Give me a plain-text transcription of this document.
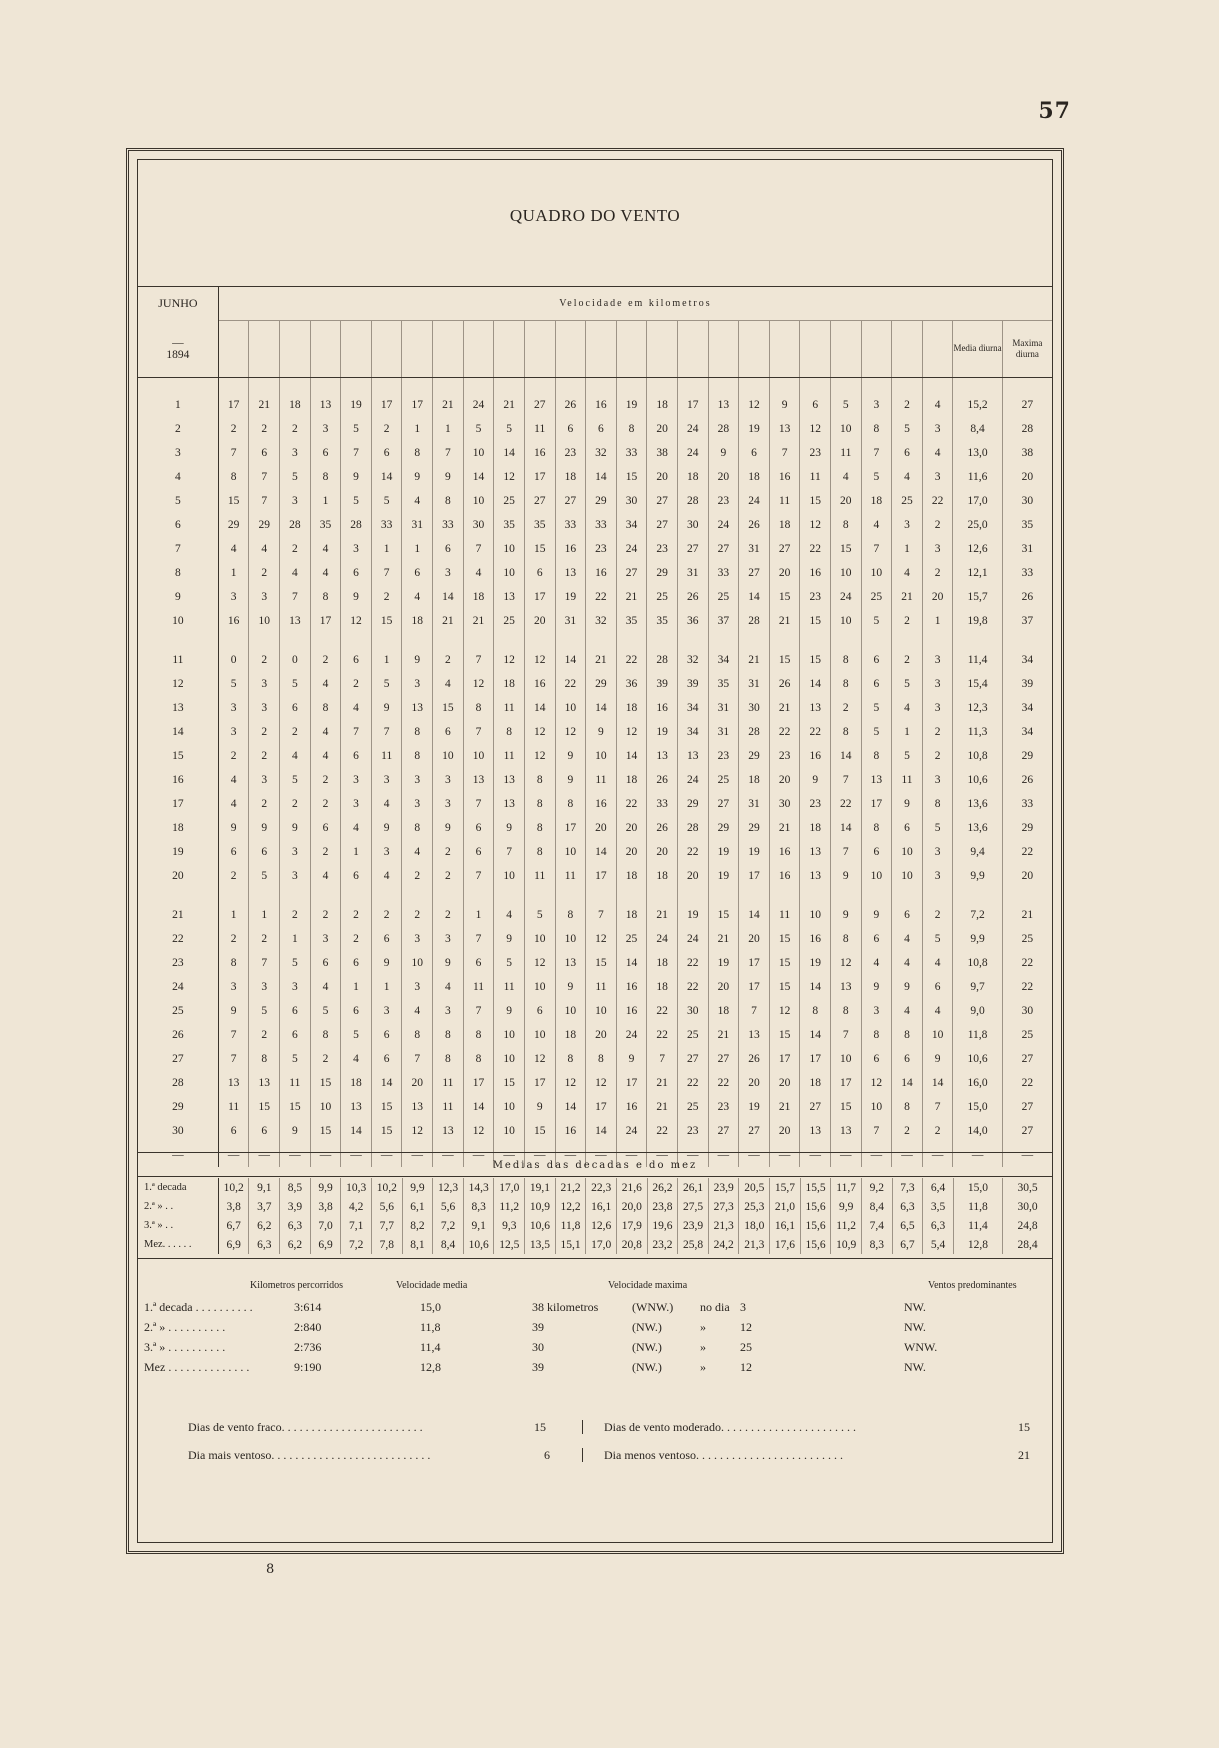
57
QUADRO DO VENTO
JUNHO	Velocidade em kilometros																									

—
1894																									Media diurna	Maxima diurna

1	17	21	18	13	19	17	17	21	24	21	27	26	16	19	18	17	13	12	9	6	5	3	2	4	15,2	27
2	2	2	2	3	5	2	1	1	5	5	11	6	6	8	20	24	28	19	13	12	10	8	5	3	8,4	28
3	7	6	3	6	7	6	8	7	10	14	16	23	32	33	38	24	9	6	7	23	11	7	6	4	13,0	38
4	8	7	5	8	9	14	9	9	14	12	17	18	14	15	20	18	20	18	16	11	4	5	4	3	11,6	20
5	15	7	3	1	5	5	4	8	10	25	27	27	29	30	27	28	23	24	11	15	20	18	25	22	17,0	30
6	29	29	28	35	28	33	31	33	30	35	35	33	33	34	27	30	24	26	18	12	8	4	3	2	25,0	35
7	4	4	2	4	3	1	1	6	7	10	15	16	23	24	23	27	27	31	27	22	15	7	1	3	12,6	31
8	1	2	4	4	6	7	6	3	4	10	6	13	16	27	29	31	33	27	20	16	10	10	4	2	12,1	33
9	3	3	7	8	9	2	4	14	18	13	17	19	22	21	25	26	25	14	15	23	24	25	21	20	15,7	26
10	16	10	13	17	12	15	18	21	21	25	20	31	32	35	35	36	37	28	21	15	10	5	2	1	19,8	37

11	0	2	0	2	6	1	9	2	7	12	12	14	21	22	28	32	34	21	15	15	8	6	2	3	11,4	34
12	5	3	5	4	2	5	3	4	12	18	16	22	29	36	39	39	35	31	26	14	8	6	5	3	15,4	39
13	3	3	6	8	4	9	13	15	8	11	14	10	14	18	16	34	31	30	21	13	2	5	4	3	12,3	34
14	3	2	2	4	7	7	8	6	7	8	12	12	9	12	19	34	31	28	22	22	8	5	1	2	11,3	34
15	2	2	4	4	6	11	8	10	10	11	12	9	10	14	13	13	23	29	23	16	14	8	5	2	10,8	29
16	4	3	5	2	3	3	3	3	13	13	8	9	11	18	26	24	25	18	20	9	7	13	11	3	10,6	26
17	4	2	2	2	3	4	3	3	7	13	8	8	16	22	33	29	27	31	30	23	22	17	9	8	13,6	33
18	9	9	9	6	4	9	8	9	6	9	8	17	20	20	26	28	29	29	21	18	14	8	6	5	13,6	29
19	6	6	3	2	1	3	4	2	6	7	8	10	14	20	20	22	19	19	16	13	7	6	10	3	9,4	22
20	2	5	3	4	6	4	2	2	7	10	11	11	17	18	18	20	19	17	16	13	9	10	10	3	9,9	20

21	1	1	2	2	2	2	2	2	1	4	5	8	7	18	21	19	15	14	11	10	9	9	6	2	7,2	21
22	2	2	1	3	2	6	3	3	7	9	10	10	12	25	24	24	21	20	15	16	8	6	4	5	9,9	25
23	8	7	5	6	6	9	10	9	6	5	12	13	15	14	18	22	19	17	15	19	12	4	4	4	10,8	22
24	3	3	3	4	1	1	3	4	11	11	10	9	11	16	18	22	20	17	15	14	13	9	9	6	9,7	22
25	9	5	6	5	6	3	4	3	7	9	6	10	10	16	22	30	18	7	12	8	8	3	4	4	9,0	30
26	7	2	6	8	5	6	8	8	8	10	10	18	20	24	22	25	21	13	15	14	7	8	8	10	11,8	25
27	7	8	5	2	4	6	7	8	8	10	12	8	8	9	7	27	27	26	17	17	10	6	6	9	10,6	27
28	13	13	11	15	18	14	20	11	17	15	17	12	12	17	21	22	22	20	20	18	17	12	14	14	16,0	22
29	11	15	15	10	13	15	13	11	14	10	9	14	17	16	21	25	23	19	21	27	15	10	8	7	15,0	27
30	6	6	9	15	14	15	12	13	12	10	15	16	14	24	22	23	27	27	20	13	13	7	2	2	14,0	27
—	—	—	—	—	—	—	—	—	—	—	—	—	—	—	—	—	—	—	—	—	—	—	—	—	—	—
Medias das decadas e do mez
1.ª decada	10,2	9,1	8,5	9,9	10,3	10,2	9,9	12,3	14,3	17,0	19,1	21,2	22,3	21,6	26,2	26,1	23,9	20,5	15,7	15,5	11,7	9,2	7,3	6,4	15,0	30,5
2.ª » . .	3,8	3,7	3,9	3,8	4,2	5,6	6,1	5,6	8,3	11,2	10,9	12,2	16,1	20,0	23,8	27,5	27,3	25,3	21,0	15,6	9,9	8,4	6,3	3,5	11,8	30,0
3.ª » . .	6,7	6,2	6,3	7,0	7,1	7,7	8,2	7,2	9,1	9,3	10,6	11,8	12,6	17,9	19,6	23,9	21,3	18,0	16,1	15,6	11,2	7,4	6,5	6,3	11,4	24,8
Mez. . . . . .	6,9	6,3	6,2	6,9	7,2	7,8	8,1	8,4	10,6	12,5	13,5	15,1	17,0	20,8	23,2	25,8	24,2	21,3	17,6	15,6	10,9	8,3	6,7	5,4	12,8	28,4
Kilometros percorridos	Velocidade media	Velocidade maxima	Ventos predominantes
1.ª decada . . . . . . . . . .	3:614	15,0	38 kilometros	(WNW.) no dia 3	NW.
2.ª » . . . . . . . . . .	2:840	11,8	39	(NW.)	»	12	NW.
3.ª » . . . . . . . . . .	2:736	11,4	30	(NW.)	»	25	WNW.
Mez . . . . . . . . . . . . . .	9:190	12,8	39	(NW.)	»	12	NW.
Dias de vento fraco. . . . . . . . . . . . . . . . . . . . . . . .	15	Dias de vento moderado. . . . . . . . . . . . . . . . . . . . . . .	15
Dia mais ventoso. . . . . . . . . . . . . . . . . . . . . . . . . . .	6	Dia menos ventoso. . . . . . . . . . . . . . . . . . . . . . . . .	21
8
